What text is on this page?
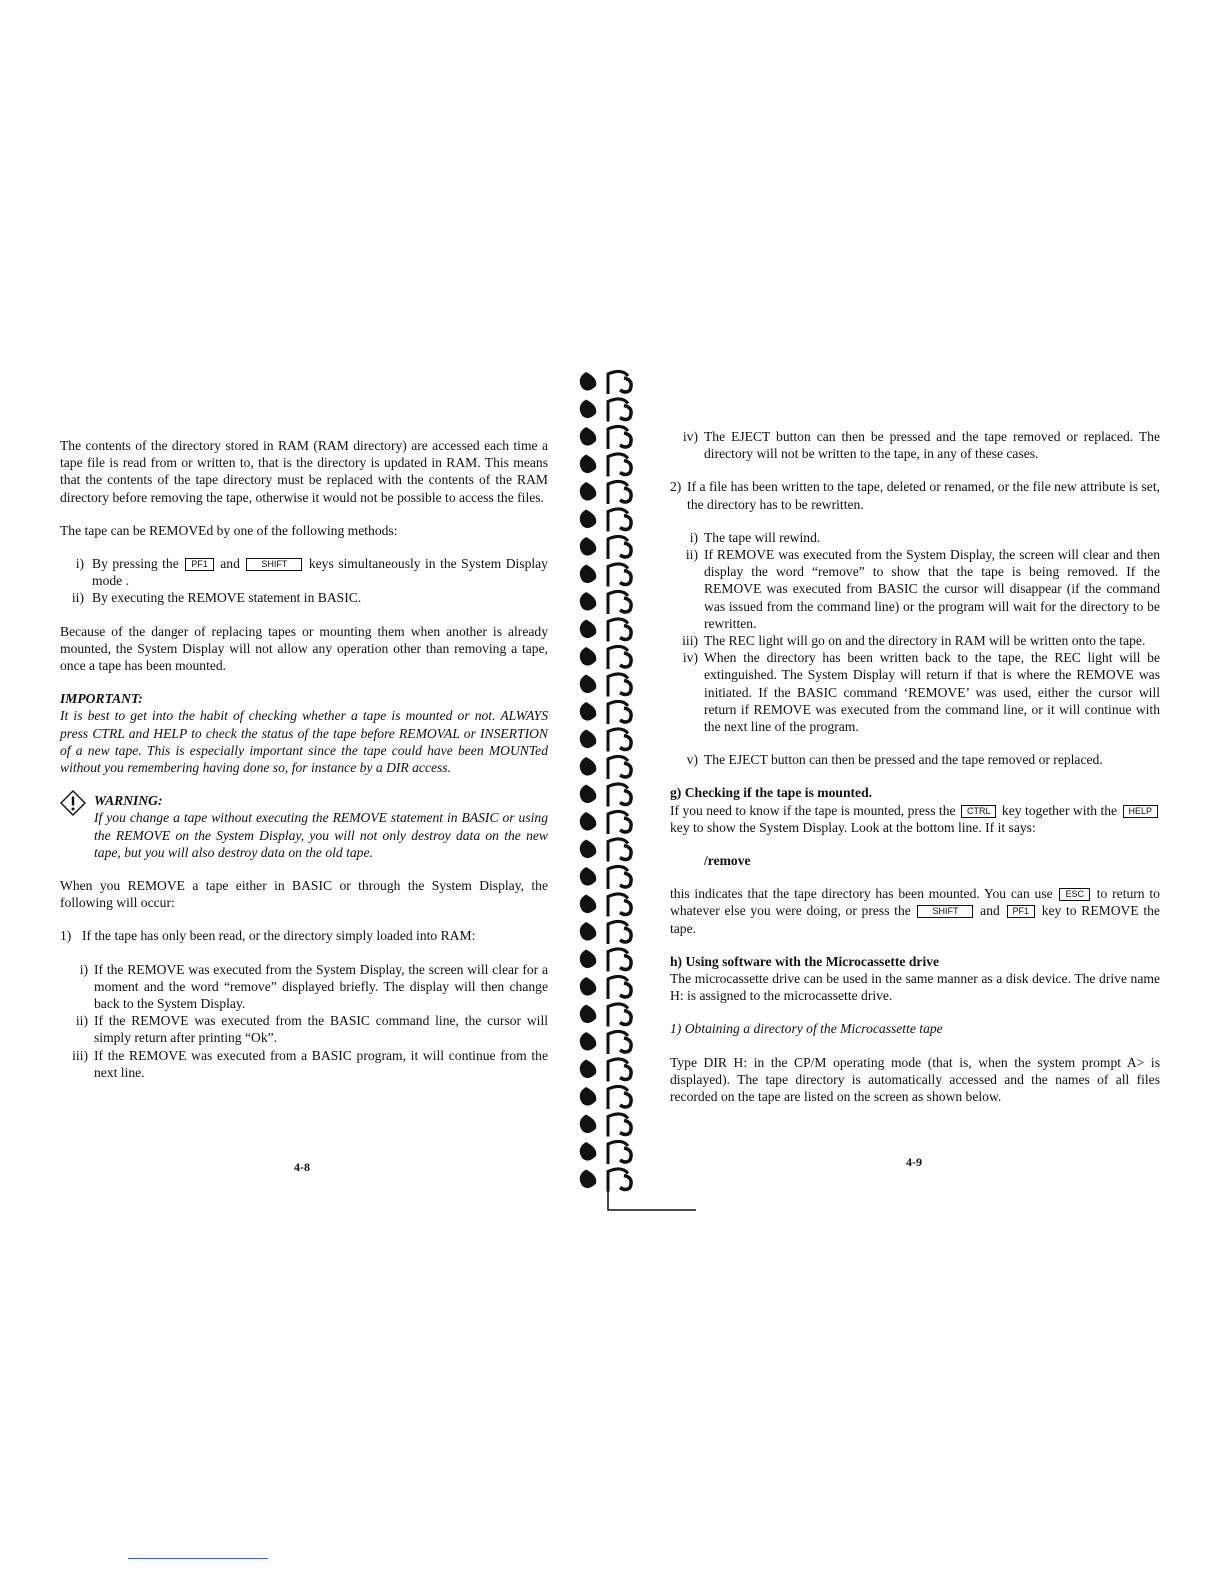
The contents of the directory stored in RAM (RAM directory) are accessed each time a tape file is read from or written to, that is the directory is updated in RAM. This means that the contents of the tape directory must be replaced with the contents of the RAM directory before removing the tape, otherwise it would not be possible to access the files.

The tape can be REMOVEd by one of the following methods:

i) By pressing the PF1 and SHIFT keys simultaneously in the System Display mode .
ii) By executing the REMOVE statement in BASIC.

Because of the danger of replacing tapes or mounting them when another is already mounted, the System Display will not allow any operation other than removing a tape, once a tape has been mounted.

IMPORTANT:

It is best to get into the habit of checking whether a tape is mounted or not. ALWAYS press CTRL and HELP to check the status of the tape before REMOVAL or INSERTION of a new tape. This is especially important since the tape could have been MOUNTed without you remembering having done so, for instance by a DIR access.

WARNING:

If you change a tape without executing the REMOVE statement in BASIC or using the REMOVE on the System Display, you will not only destroy data on the new tape, but you will also destroy data on the old tape.

When you REMOVE a tape either in BASIC or through the System Display, the following will occur:

1) If the tape has only been read, or the directory simply loaded into RAM:
i) If the REMOVE was executed from the System Display, the screen will clear for a moment and the word “remove” displayed briefly. The display will then change back to the System Display.
ii) If the REMOVE was executed from the BASIC command line, the cursor will simply return after printing “Ok”.
iii) If the REMOVE was executed from a BASIC program, it will continue from the next line.
4-8
iv) The EJECT button can then be pressed and the tape removed or replaced. The directory will not be written to the tape, in any of these cases.
2) If a file has been written to the tape, deleted or renamed, or the file new attribute is set, the directory has to be rewritten.
i) The tape will rewind.
ii) If REMOVE was executed from the System Display, the screen will clear and then display the word “remove” to show that the tape is being removed. If the REMOVE was executed from BASIC the cursor will disappear (if the command was issued from the command line) or the program will wait for the directory to be rewritten.
iii) The REC light will go on and the directory in RAM will be written onto the tape.
iv) When the directory has been written back to the tape, the REC light will be extinguished. The System Display will return if that is where the REMOVE was initiated. If the BASIC command ‘REMOVE’ was used, either the cursor will return if REMOVE was executed from the command line, or it will continue with the next line of the program.
v) The EJECT button can then be pressed and the tape removed or replaced.

g) Checking if the tape is mounted.

If you need to know if the tape is mounted, press the CTRL key together with the HELP key to show the System Display. Look at the bottom line. If it says:

/remove

this indicates that the tape directory has been mounted. You can use ESC to return to whatever else you were doing, or press the SHIFT and PF1 key to REMOVE the tape.

h) Using software with the Microcassette drive

The microcassette drive can be used in the same manner as a disk device. The drive name H: is assigned to the microcassette drive.

1) Obtaining a directory of the Microcassette tape

Type DIR H: in the CP/M operating mode (that is, when the system prompt A> is displayed). The tape directory is automatically accessed and the names of all files recorded on the tape are listed on the screen as shown below.

4-9
